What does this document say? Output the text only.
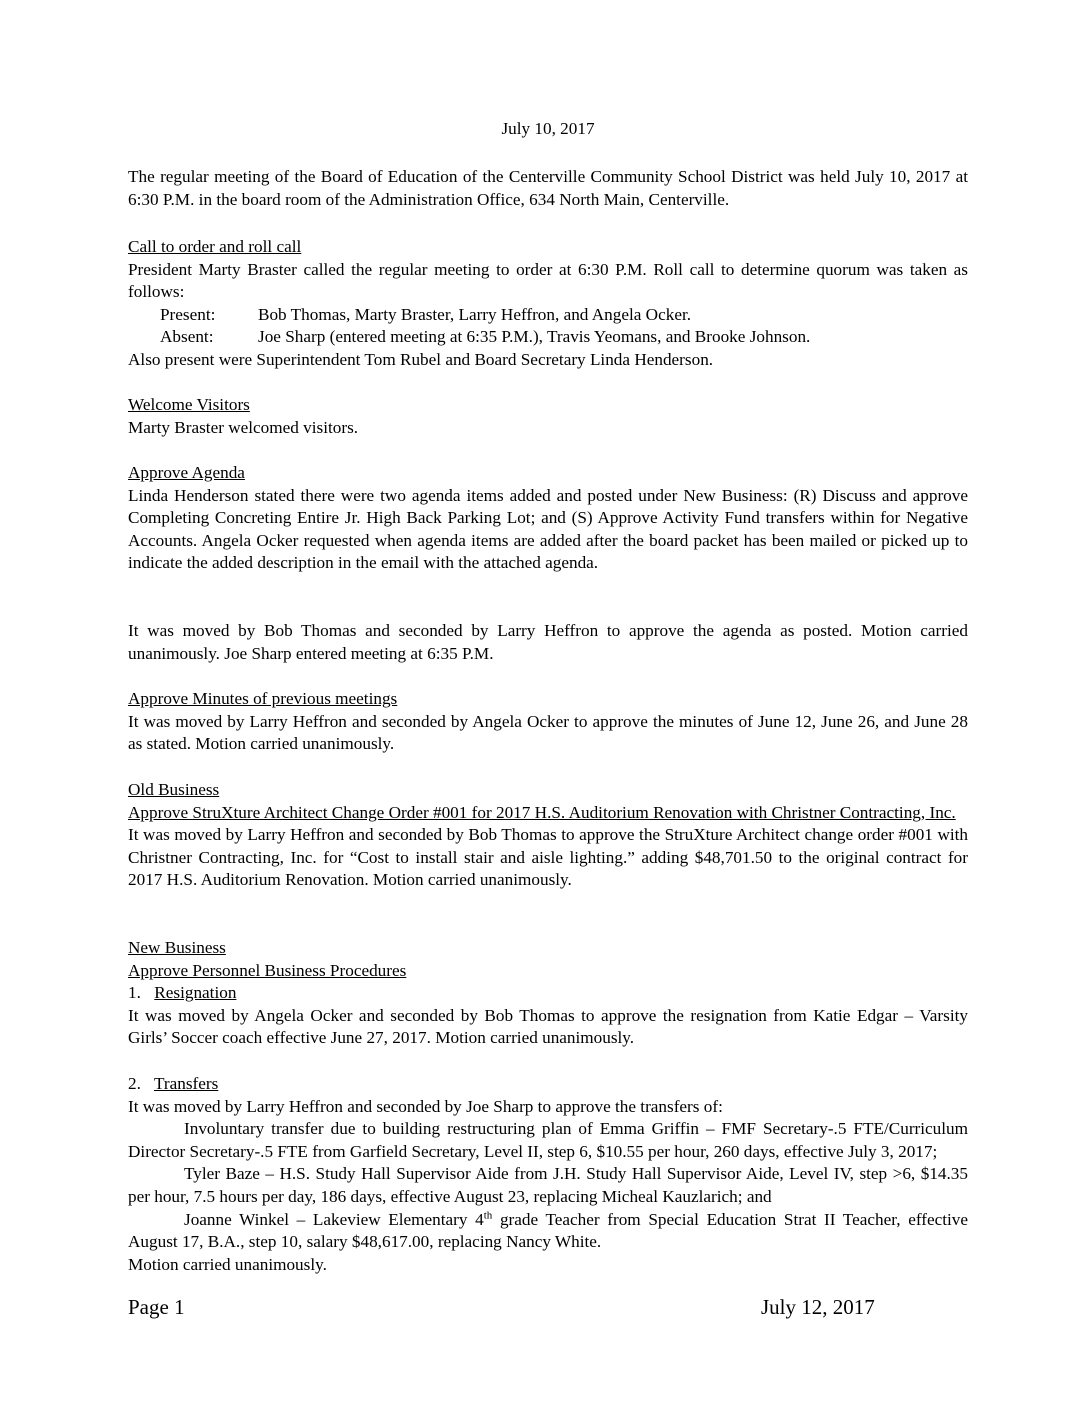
July 10, 2017

The regular meeting of the Board of Education of the Centerville Community School District was held July 10, 2017 at 6:30 P.M. in the board room of the Administration Office, 634 North Main, Centerville.

Call to order and roll call

President Marty Braster called the regular meeting to order at 6:30 P.M. Roll call to determine quorum was taken as follows:

Present: Bob Thomas, Marty Braster, Larry Heffron, and Angela Ocker.
Absent:	Joe Sharp (entered meeting at 6:35 P.M.), Travis Yeomans, and Brooke Johnson.
Also present were Superintendent Tom Rubel and Board Secretary Linda Henderson.
Welcome Visitors
Marty Braster welcomed visitors.
Approve Agenda

Linda Henderson stated there were two agenda items added and posted under New Business: (R) Discuss and approve Completing Concreting Entire Jr. High Back Parking Lot; and (S) Approve Activity Fund transfers within for Negative Accounts. Angela Ocker requested when agenda items are added after the board packet has been mailed or picked up to indicate the added description in the email with the attached agenda.

It was moved by Bob Thomas and seconded by Larry Heffron to approve the agenda as posted. Motion carried unanimously. Joe Sharp entered meeting at 6:35 P.M.

Approve Minutes of previous meetings

It was moved by Larry Heffron and seconded by Angela Ocker to approve the minutes of June 12, June 26, and June 28 as stated. Motion carried unanimously.

Old Business

Approve StruXture Architect Change Order #001 for 2017 H.S. Auditorium Renovation with Christner Contracting, Inc.

It was moved by Larry Heffron and seconded by Bob Thomas to approve the StruXture Architect change order #001 with Christner Contracting, Inc. for “Cost to install stair and aisle lighting.” adding $48,701.50 to the original contract for 2017 H.S. Auditorium Renovation. Motion carried unanimously.

New Business
Approve Personnel Business Procedures
1. Resignation

It was moved by Angela Ocker and seconded by Bob Thomas to approve the resignation from Katie Edgar – Varsity Girls’ Soccer coach effective June 27, 2017. Motion carried unanimously.

2. Transfers

It was moved by Larry Heffron and seconded by Joe Sharp to approve the transfers of:

Involuntary transfer due to building restructuring plan of Emma Griffin – FMF Secretary-.5 FTE/Curriculum Director Secretary-.5 FTE from Garfield Secretary, Level II, step 6, $10.55 per hour, 260 days, effective July 3, 2017;

Tyler Baze – H.S. Study Hall Supervisor Aide from J.H. Study Hall Supervisor Aide, Level IV, step >6, $14.35 per hour, 7.5 hours per day, 186 days, effective August 23, replacing Micheal Kauzlarich; and

Joanne Winkel – Lakeview Elementary 4th grade Teacher from Special Education Strat II Teacher, effective August 17, B.A., step 10, salary $48,617.00, replacing Nancy White.

Motion carried unanimously.
Page 1	July 12, 2017
